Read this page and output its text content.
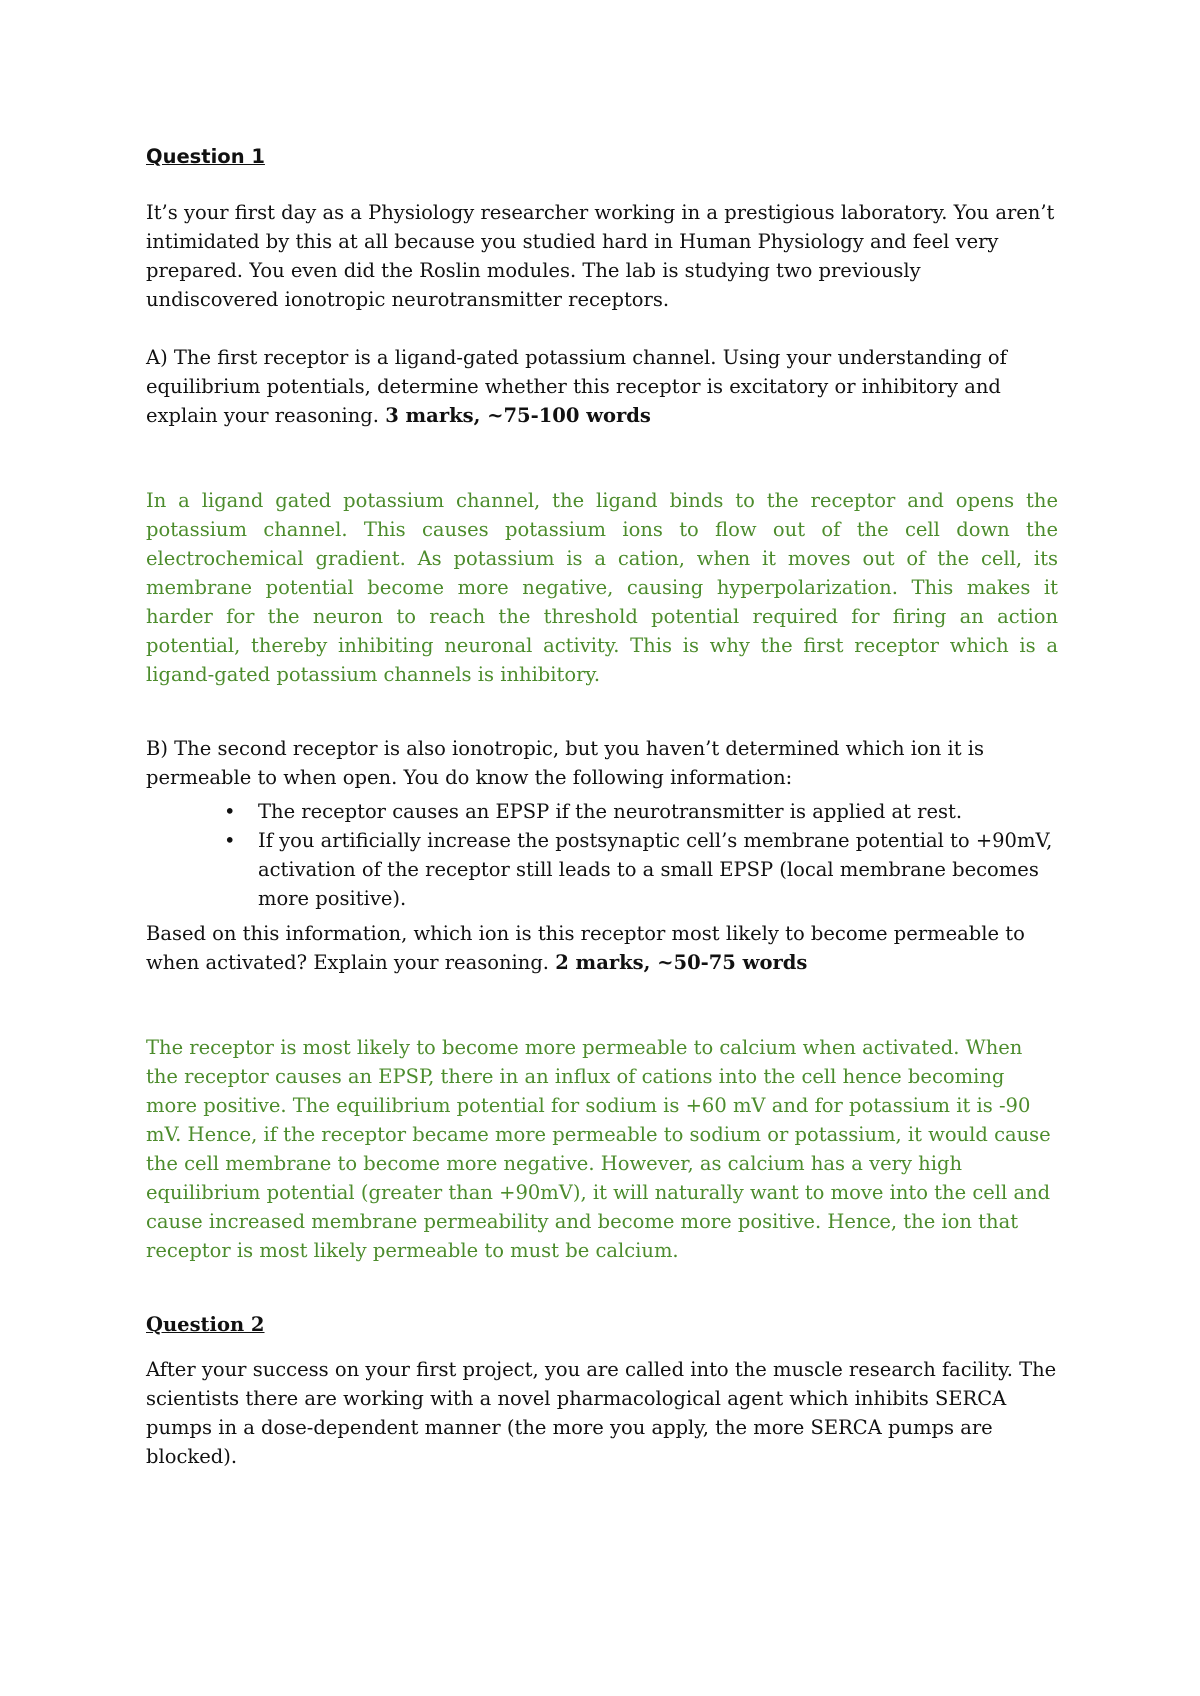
Question 1

It’s your first day as a Physiology researcher working in a prestigious laboratory. You aren’t intimidated by this at all because you studied hard in Human Physiology and feel very prepared. You even did the Roslin modules. The lab is studying two previously undiscovered ionotropic neurotransmitter receptors.

A) The first receptor is a ligand-gated potassium channel. Using your understanding of equilibrium potentials, determine whether this receptor is excitatory or inhibitory and explain your reasoning. 3 marks, ~75-100 words

In a ligand gated potassium channel, the ligand binds to the receptor and opens the potassium channel. This causes potassium ions to flow out of the cell down the electrochemical gradient. As potassium is a cation, when it moves out of the cell, its membrane potential become more negative, causing hyperpolarization. This makes it harder for the neuron to reach the threshold potential required for firing an action potential, thereby inhibiting neuronal activity. This is why the first receptor which is a ligand-gated potassium channels is inhibitory.

B) The second receptor is also ionotropic, but you haven’t determined which ion it is permeable to when open. You do know the following information:

• The receptor causes an EPSP if the neurotransmitter is applied at rest.
• If you artificially increase the postsynaptic cell’s membrane potential to +90mV, activation of the receptor still leads to a small EPSP (local membrane becomes more positive).

Based on this information, which ion is this receptor most likely to become permeable to when activated? Explain your reasoning. 2 marks, ~50-75 words

The receptor is most likely to become more permeable to calcium when activated. When the receptor causes an EPSP, there in an influx of cations into the cell hence becoming more positive. The equilibrium potential for sodium is +60 mV and for potassium it is -90 mV. Hence, if the receptor became more permeable to sodium or potassium, it would cause the cell membrane to become more negative. However, as calcium has a very high equilibrium potential (greater than +90mV), it will naturally want to move into the cell and cause increased membrane permeability and become more positive. Hence, the ion that receptor is most likely permeable to must be calcium.

Question 2

After your success on your first project, you are called into the muscle research facility. The scientists there are working with a novel pharmacological agent which inhibits SERCA pumps in a dose-dependent manner (the more you apply, the more SERCA pumps are blocked).
